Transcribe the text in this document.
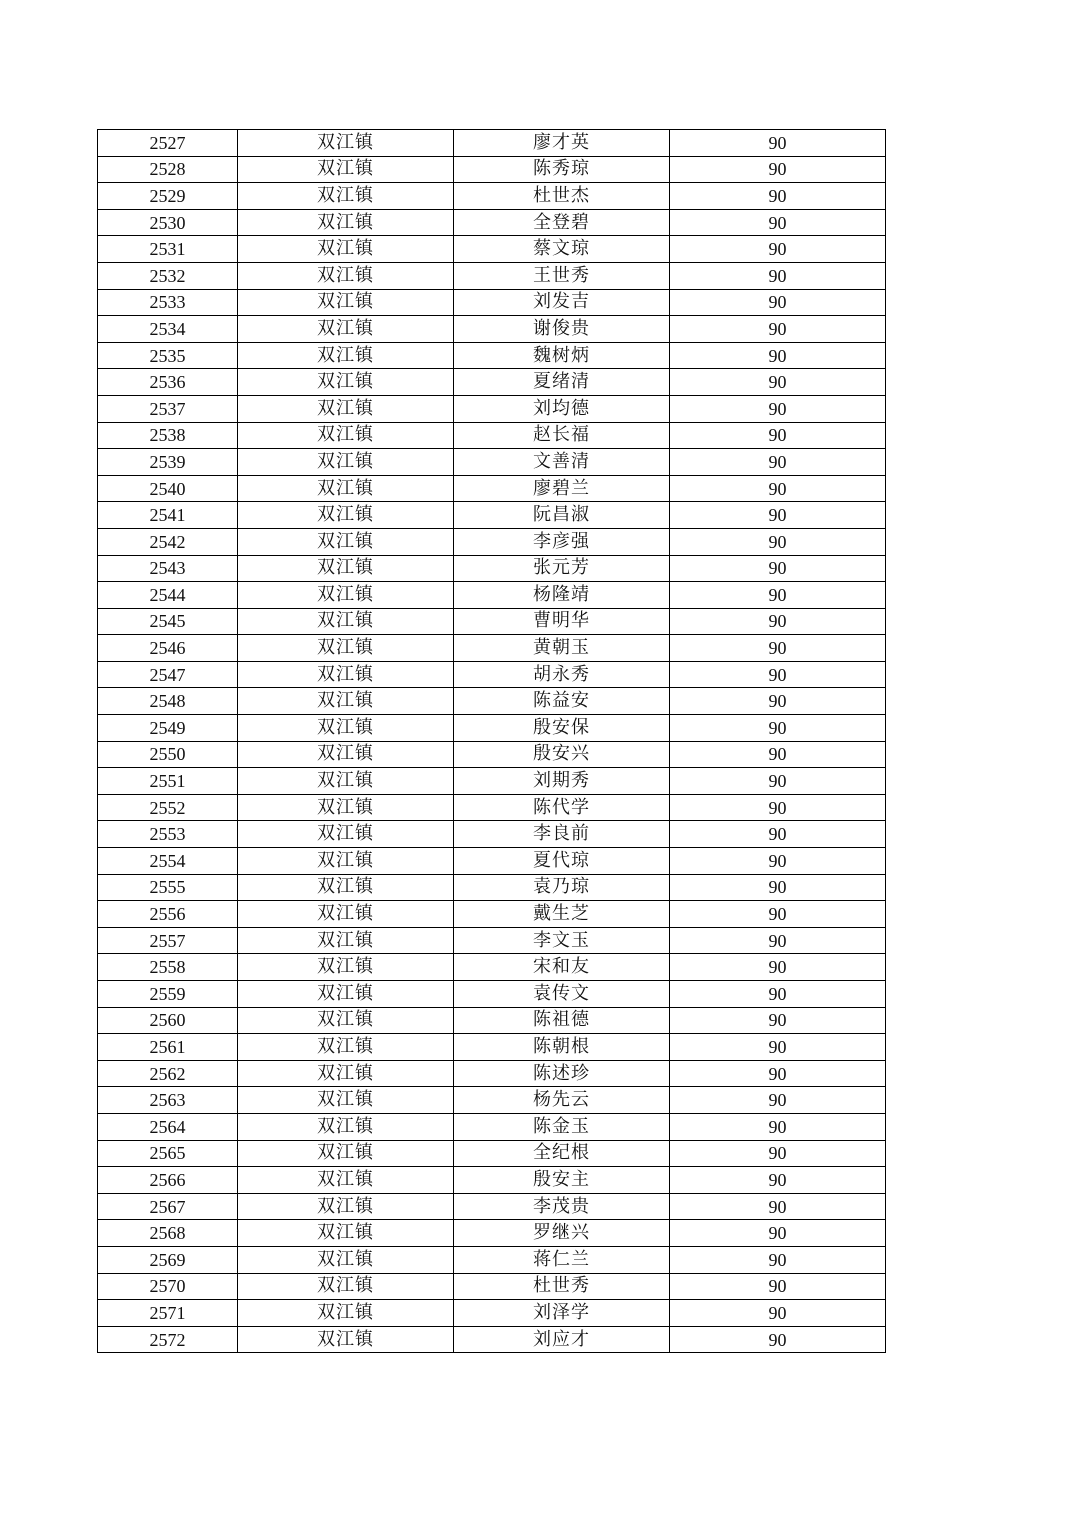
2527	双江镇	廖才英	90
2528	双江镇	陈秀琼	90
2529	双江镇	杜世杰	90
2530	双江镇	全登碧	90
2531	双江镇	蔡文琼	90
2532	双江镇	王世秀	90
2533	双江镇	刘发吉	90
2534	双江镇	谢俊贵	90
2535	双江镇	魏树炳	90
2536	双江镇	夏绪清	90
2537	双江镇	刘均德	90
2538	双江镇	赵长福	90
2539	双江镇	文善清	90
2540	双江镇	廖碧兰	90
2541	双江镇	阮昌淑	90
2542	双江镇	李彦强	90
2543	双江镇	张元芳	90
2544	双江镇	杨隆靖	90
2545	双江镇	曹明华	90
2546	双江镇	黄朝玉	90
2547	双江镇	胡永秀	90
2548	双江镇	陈益安	90
2549	双江镇	殷安保	90
2550	双江镇	殷安兴	90
2551	双江镇	刘期秀	90
2552	双江镇	陈代学	90
2553	双江镇	李良前	90
2554	双江镇	夏代琼	90
2555	双江镇	袁乃琼	90
2556	双江镇	戴生芝	90
2557	双江镇	李文玉	90
2558	双江镇	宋和友	90
2559	双江镇	袁传文	90
2560	双江镇	陈祖德	90
2561	双江镇	陈朝根	90
2562	双江镇	陈述珍	90
2563	双江镇	杨先云	90
2564	双江镇	陈金玉	90
2565	双江镇	全纪根	90
2566	双江镇	殷安主	90
2567	双江镇	李茂贵	90
2568	双江镇	罗继兴	90
2569	双江镇	蒋仁兰	90
2570	双江镇	杜世秀	90
2571	双江镇	刘泽学	90
2572	双江镇	刘应才	90
